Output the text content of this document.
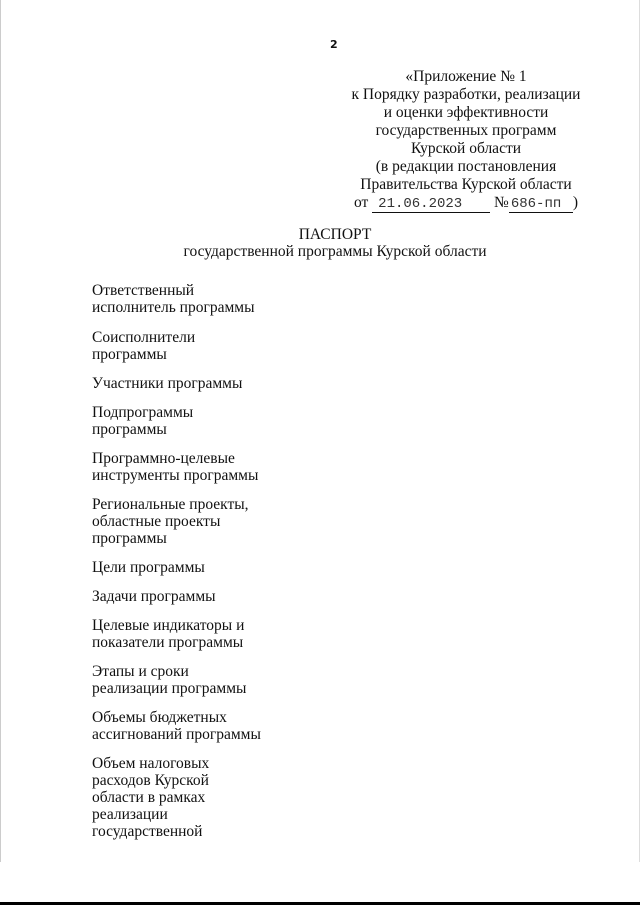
2
«Приложение № 1
к Порядку разработки, реализации
и оценки эффективности
государственных программ
Курской области
(в редакции постановления
Правительства Курской области
от 21.06.2023 № 686-пп )
ПАСПОРТ
государственной программы Курской области
Ответственный
исполнитель программы
Соисполнители
программы
Участники программы
Подпрограммы
программы
Программно-целевые
инструменты программы
Региональные проекты,
областные проекты
программы
Цели программы
Задачи программы
Целевые индикаторы и
показатели программы
Этапы и сроки
реализации программы
Объемы бюджетных
ассигнований программы
Объем налоговых
расходов Курской
области в рамках
реализации
государственной
